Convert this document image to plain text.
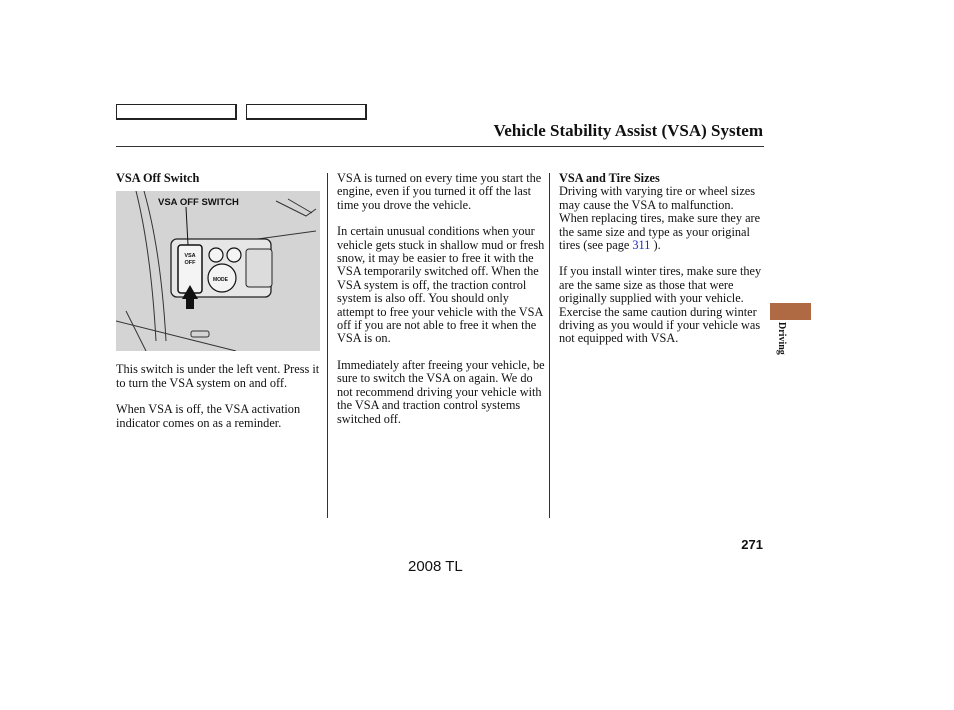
Vehicle Stability Assist (VSA) System
VSA Off Switch
VSA OFF SWITCH
VSA OFF
MODE

This switch is under the left vent. Press it to turn the VSA system on and off.

When VSA is off, the VSA activation indicator comes on as a reminder.

VSA is turned on every time you start the engine, even if you turned it off the last time you drove the vehicle.

In certain unusual conditions when your vehicle gets stuck in shallow mud or fresh snow, it may be easier to free it with the VSA temporarily switched off. When the VSA system is off, the traction control system is also off. You should only attempt to free your vehicle with the VSA off if you are not able to free it when the VSA is on.

Immediately after freeing your vehicle, be sure to switch the VSA on again. We do not recommend driving your vehicle with the VSA and traction control systems switched off.

VSA and Tire Sizes

Driving with varying tire or wheel sizes may cause the VSA to malfunction. When replacing tires, make sure they are the same size and type as your original tires (see page 311 ).

If you install winter tires, make sure they are the same size as those that were originally supplied with your vehicle. Exercise the same caution during winter driving as you would if your vehicle was not equipped with VSA.	Driving
271
2008 TL
